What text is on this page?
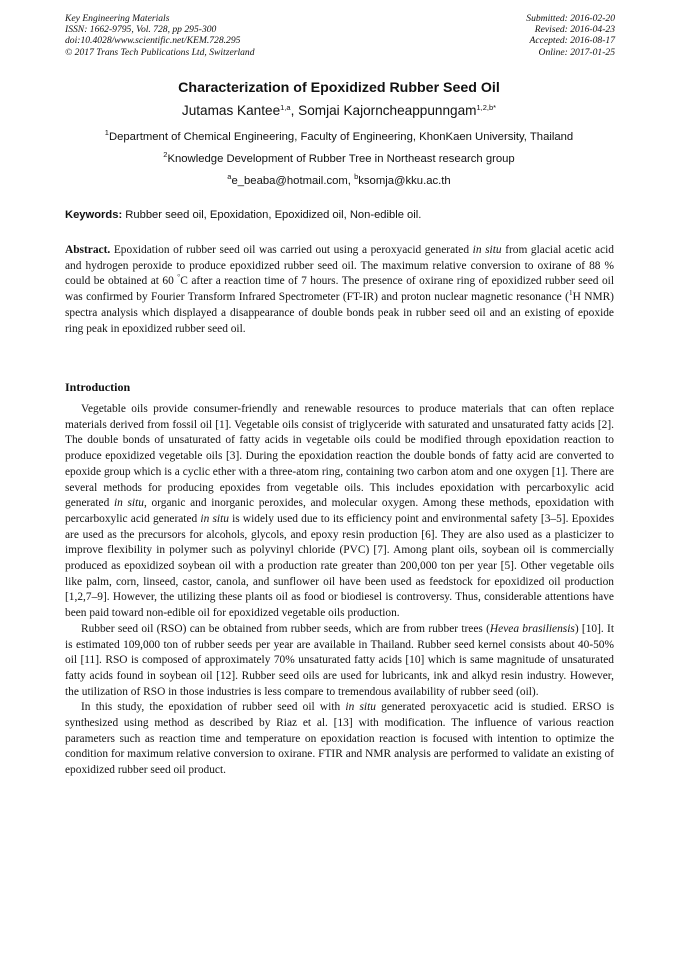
Key Engineering Materials
ISSN: 1662-9795, Vol. 728, pp 295-300
doi:10.4028/www.scientific.net/KEM.728.295
© 2017 Trans Tech Publications Ltd, Switzerland
Submitted: 2016-02-20
Revised: 2016-04-23
Accepted: 2016-08-17
Online: 2017-01-25
Characterization of Epoxidized Rubber Seed Oil
Jutamas Kantee$^{1,a}$, Somjai Kajorncheappunngam$^{1,2,b*}$
$^1$Department of Chemical Engineering, Faculty of Engineering, KhonKaen University, Thailand
$^2$Knowledge Development of Rubber Tree in Northeast research group
$^a$e_beaba@hotmail.com, $^b$ksomja@kku.ac.th
Keywords: Rubber seed oil, Epoxidation, Epoxidized oil, Non-edible oil.
Abstract. Epoxidation of rubber seed oil was carried out using a peroxyacid generated in situ from glacial acetic acid and hydrogen peroxide to produce epoxidized rubber seed oil. The maximum relative conversion to oxirane of 88 % could be obtained at 60 °C after a reaction time of 7 hours. The presence of oxirane ring of epoxidized rubber seed oil was confirmed by Fourier Transform Infrared Spectrometer (FT-IR) and proton nuclear magnetic resonance ($^1$H NMR) spectra analysis which displayed a disappearance of double bonds peak in rubber seed oil and an existing of epoxide ring peak in epoxidized rubber seed oil.
Introduction

Vegetable oils provide consumer-friendly and renewable resources to produce materials that can often replace materials derived from fossil oil [1]. Vegetable oils consist of triglyceride with saturated and unsaturated fatty acids [2]. The double bonds of unsaturated of fatty acids in vegetable oils could be modified through epoxidation reaction to produce epoxidized vegetable oils [3]. During the epoxidation reaction the double bonds of fatty acid are converted to epoxide group which is a cyclic ether with a three-atom ring, containing two carbon atom and one oxygen [1]. There are several methods for producing epoxides from vegetable oils. This includes epoxidation with percarboxylic acid generated in situ, organic and inorganic peroxides, and molecular oxygen. Among these methods, epoxidation with percarboxylic acid generated in situ is widely used due to its efficiency point and environmental safety [3–5]. Epoxides are used as the precursors for alcohols, glycols, and epoxy resin production [6]. They are also used as a plasticizer to improve flexibility in polymer such as polyvinyl chloride (PVC) [7]. Among plant oils, soybean oil is commercially produced as epoxidized soybean oil with a production rate greater than 200,000 ton per year [5]. Other vegetable oils like palm, corn, linseed, castor, canola, and sunflower oil have been used as feedstock for epoxidized oil production [1,2,7–9]. However, the utilizing these plants oil as food or biodiesel is controversy. Thus, considerable attentions have been paid toward non-edible oil for epoxidized vegetable oils production.

Rubber seed oil (RSO) can be obtained from rubber seeds, which are from rubber trees (Hevea brasiliensis) [10]. It is estimated 109,000 ton of rubber seeds per year are available in Thailand. Rubber seed kernel consists about 40-50% oil [11]. RSO is composed of approximately 70% unsaturated fatty acids [10] which is same magnitude of unsaturated fatty acids found in soybean oil [12]. Rubber seed oils are used for lubricants, ink and alkyd resin industry. However, the utilization of RSO in those industries is less compare to tremendous availability of rubber seed (oil).

In this study, the epoxidation of rubber seed oil with in situ generated peroxyacetic acid is studied. ERSO is synthesized using method as described by Riaz et al. [13] with modification. The influence of various reaction parameters such as reaction time and temperature on epoxidation reaction is focused with intention to optimize the condition for maximum relative conversion to oxirane. FTIR and NMR analysis are performed to validate an existing of epoxidized rubber seed oil product.
